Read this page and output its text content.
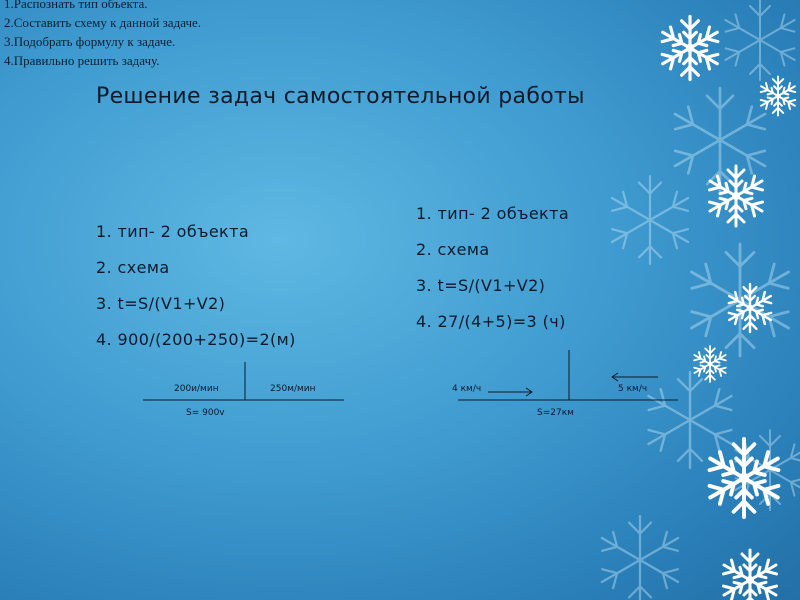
1.Распознать тип объекта.
2.Составить схему к данной задаче.
3.Подобрать формулу к задаче.
4.Правильно решить задачу.
Решение задач самостоятельной работы
1. тип- 2 объекта
2. схема
3. t=S/(V1+V2)
4. 900/(200+250)=2(м)
1. тип- 2 объекта
2. схема
3. t=S/(V1+V2)
4. 27/(4+5)=3 (ч)
200и/мин	250м/мин
S= 900v
4 км/ч	5 км/ч
S=27км
